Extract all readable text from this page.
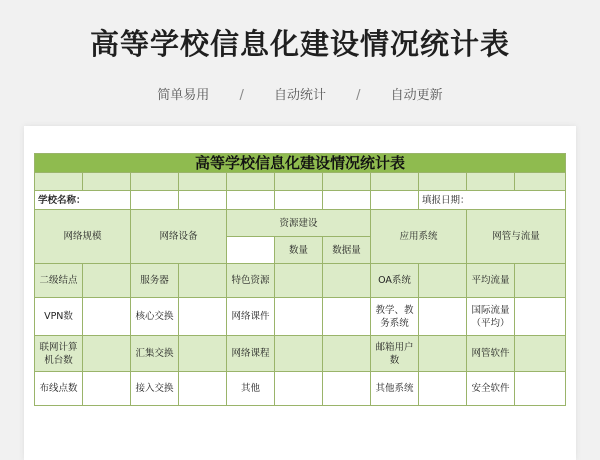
高等学校信息化建设情况统计表
简单易用 / 自动统计 / 自动更新
高等学校信息化建设情况统计表										

学校名称：								填报日期：		
网络规模		网络设备		资源建设			应用系统		网管与流量	
					数量	数据量				
二级结点		服务器		特色资源			OA系统		平均流量	
VPN数		核心交换		网络课件			教学、教务系统		国际流量（平均）	
联网计算机台数		汇集交换		网络课程			邮箱用户数		网管软件	
布线点数		接入交换		其他			其他系统		安全软件	
